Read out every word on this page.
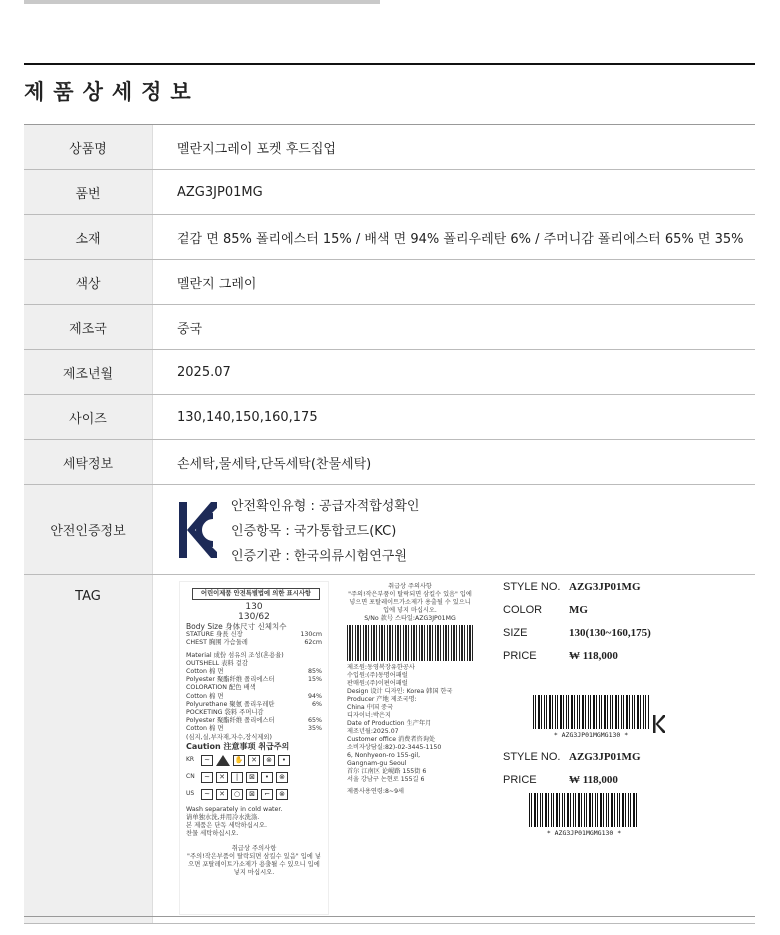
제품상세정보
상품명	멜란지그레이 포켓 후드집업
품번	AZG3JP01MG
소재	겉감 면 85% 폴리에스터 15% / 배색 면 94% 폴리우레탄 6% / 주머니감 폴리에스터 65% 면 35%
색상	멜란지 그레이
제조국	중국
제조년월	2025.07
사이즈	130,140,150,160,175
세탁정보	손세탁,물세탁,단독세탁(찬물세탁)
안전인증정보
안전확인유형 : 공급자적합성확인
인증항목 : 국가통합코드(KC)
인증기관 : 한국의류시험연구원
TAG	어린이제품 안전특별법에 의한 표시사항
130
130/62
Body Size 身体尺寸 신체치수
STATURE 身長 신장	130cm
CHEST 胸围 가슴둘레	62cm
Material 成份 섬유의 조성(혼용율)
OUTSHELL 表料 겉감
Cotton 棉 면	85%
Polyester 聚酯纤维 폴리에스터	15%
COLORATION 配色 배색
Cotton 棉 면	94%
Polyurethane 聚氨 폴리우레탄	6%
POCKETING 袋料 주머니감
Polyester 聚酯纤维 폴리에스터	65%
Cotton 棉 면	35%
(심지,실,부자재,자수,장식제외)
Caution 注意事项 취급주의
KR	~	✋	✕	⊗	•
CN	~	✕	|	⊠	•	⊗
US	~	✕	○	⊠	⌐	⊗
Wash separately in cold water.
请单独水洗,并用冷水洗涤.
본 제품은 단독 세탁하십시오.
찬물 세탁하십시오.
취급상 주의사항
"주의!작은부품이 탈락되면 삼킬수 있음" 입에 넣으면 포탈레이트가소제가 용출될 수 있으니 입에 넣지 마십시오.
취급상 주의사항
"주의!작은부품이 탈락되면 삼킬수 있음" 입에 넣으면 포탈레이트가소제가 용출될 수 있으니 입에 넣지 마십시오.
S/No 款号 스타일:AZG3JP01MG
제조원:동영복장유한공사
수입원:(주)동명어패럴
판매원:(주)이편어패럴
Design 设计 디자인: Korea 韩国 한국
Producer 产地 제조국명:
China 中国 중국
디자이너:박은지
Date of Production 生产年月
제조년월:2025.07
Customer office 消费者咨询处
소비자상담실:82)-02-3445-1150
6, Nonhyeon-ro 155-gil,
Gangnam-gu Seoul
首尔 江南区 论岘路 155街 6
서울 강남구 논현로 155길 6
제품사용연령:8~9세
STYLE NO. AZG3JP01MG
COLOR	MG
SIZE	130(130~160,175)
PRICE	₩ 118,000
* AZG3JP01MGMG130 *
STYLE NO. AZG3JP01MG
PRICE	₩ 118,000
* AZG3JP01MGMG130 *
